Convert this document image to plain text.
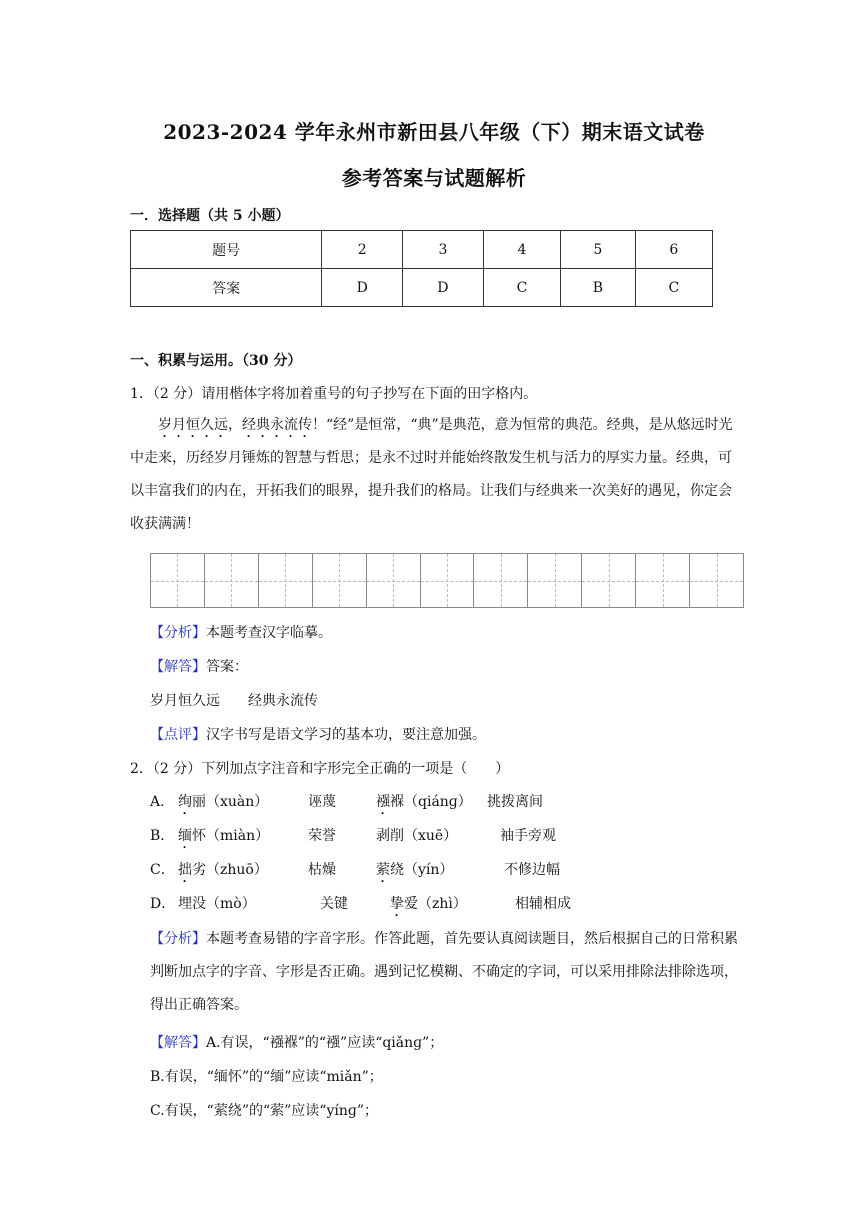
2023-2024 学年永州市新田县八年级（下）期末语文试卷
参考答案与试题解析
一．选择题（共 5 小题）
题号	2	3	4	5	6
答案	D	D	C	B	C
一、积累与运用。（30 分）
1．（2 分）请用楷体字将加着重号的句子抄写在下面的田字格内。
岁月恒久远，经典永流传！“经”是恒常，“典”是典范，意为恒常的典范。经典，是从悠远时光中走来，历经岁月锤炼的智慧与哲思；是永不过时并能始终散发生机与活力的厚实力量。经典，可以丰富我们的内在，开拓我们的眼界，提升我们的格局。让我们与经典来一次美好的遇见，你定会收获满满！
【分析】本题考查汉字临摹。
【解答】答案：
岁月恒久远　　经典永流传
【点评】汉字书写是语文学习的基本功，要注意加强。
2．（2 分）下列加点字注音和字形完全正确的一项是（　　）
A． 绚丽（xuàn）	诬蔑	襁褓（qiánɡ） 挑拨离间
B． 缅怀（miàn）	荣誉	剥削（xuē）	袖手旁观
C． 拙劣（zhuō）	枯燥	萦绕（yín）	不修边幅
D． 埋没（mò）	关键	挚爱（zhì）	相辅相成
【分析】本题考查易错的字音字形。作答此题，首先要认真阅读题目，然后根据自己的日常积累判断加点字的字音、字形是否正确。遇到记忆模糊、不确定的字词，可以采用排除法排除选项，得出正确答案。
【解答】A.有误，“襁褓”的“襁”应读“qiǎnɡ”；
B.有误，“缅怀”的“缅”应读“miǎn”；
C.有误，“萦绕”的“萦”应读“yínɡ”；
